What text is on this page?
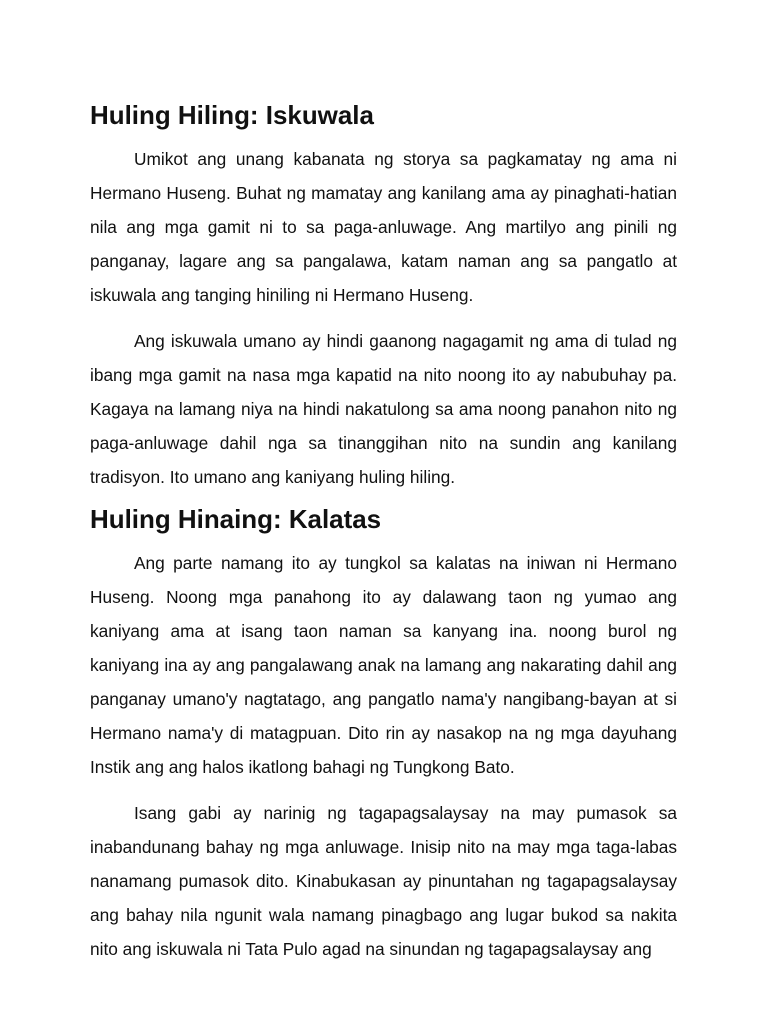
Huling Hiling: Iskuwala

Umikot ang unang kabanata ng storya sa pagkamatay ng ama ni Hermano Huseng. Buhat ng mamatay ang kanilang ama ay pinaghati-hatian nila ang mga gamit ni to sa paga-anluwage. Ang martilyo ang pinili ng panganay, lagare ang sa pangalawa, katam naman ang sa pangatlo at iskuwala ang tanging hiniling ni Hermano Huseng.

Ang iskuwala umano ay hindi gaanong nagagamit ng ama di tulad ng ibang mga gamit na nasa mga kapatid na nito noong ito ay nabubuhay pa. Kagaya na lamang niya na hindi nakatulong sa ama noong panahon nito ng paga-anluwage dahil nga sa tinanggihan nito na sundin ang kanilang tradisyon. Ito umano ang kaniyang huling hiling.

Huling Hinaing: Kalatas

Ang parte namang ito ay tungkol sa kalatas na iniwan ni Hermano Huseng. Noong mga panahong ito ay dalawang taon ng yumao ang kaniyang ama at isang taon naman sa kanyang ina. noong burol ng kaniyang ina ay ang pangalawang anak na lamang ang nakarating dahil ang panganay umano'y nagtatago, ang pangatlo nama'y nangibang-bayan at si Hermano nama'y di matagpuan. Dito rin ay nasakop na ng mga dayuhang Instik ang ang halos ikatlong bahagi ng Tungkong Bato.

Isang gabi ay narinig ng tagapagsalaysay na may pumasok sa inabandunang bahay ng mga anluwage. Inisip nito na may mga taga-labas nanamang pumasok dito. Kinabukasan ay pinuntahan ng tagapagsalaysay ang bahay nila ngunit wala namang pinagbago ang lugar bukod sa nakita nito ang iskuwala ni Tata Pulo agad na sinundan ng tagapagsalaysay ang
